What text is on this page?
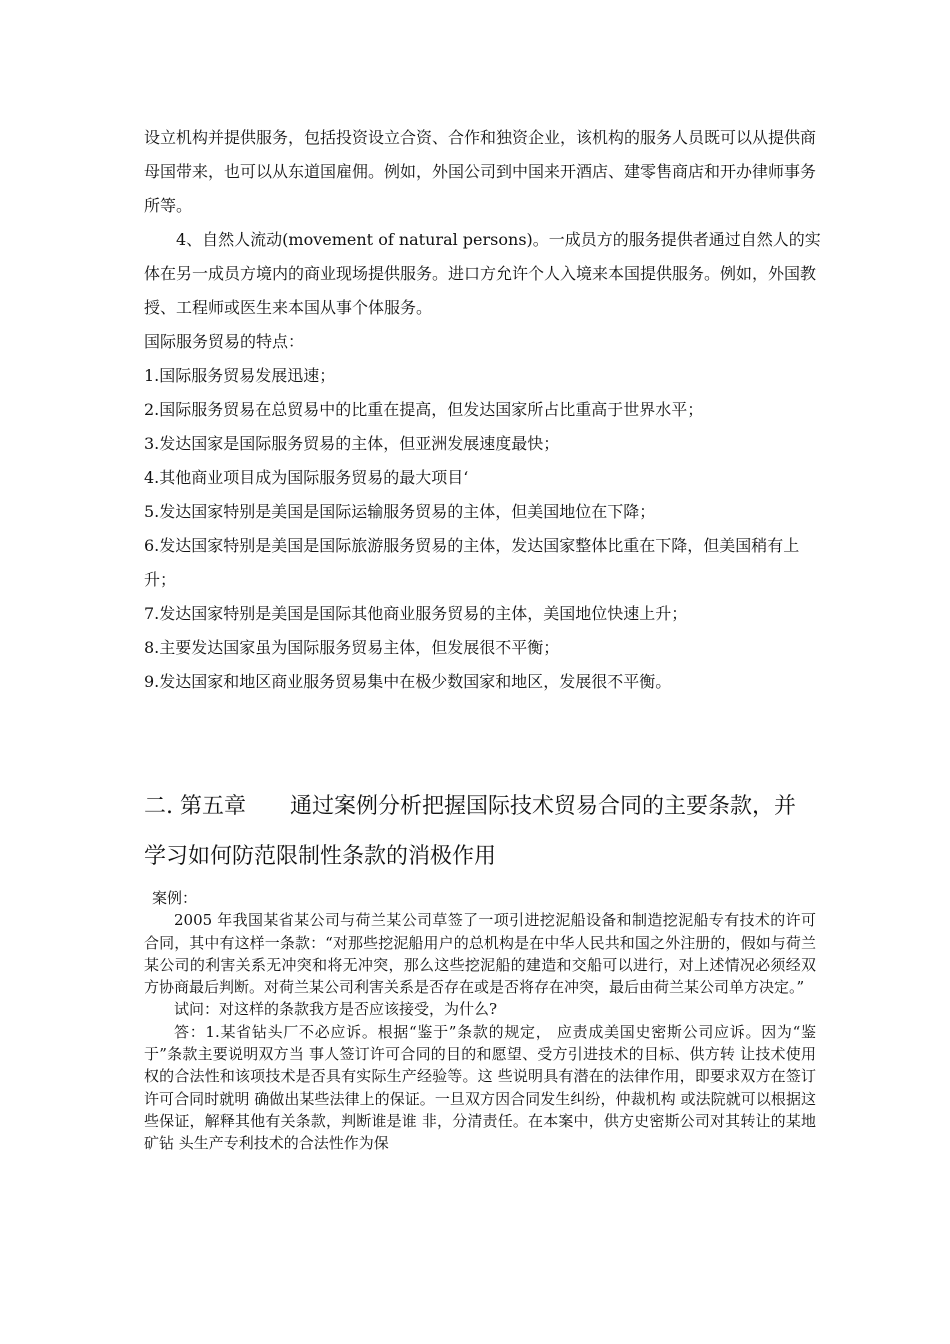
设立机构并提供服务，包括投资设立合资、合作和独资企业，该机构的服务人员既可以从提供商母国带来，也可以从东道国雇佣。例如，外国公司到中国来开酒店、建零售商店和开办律师事务所等。

4、自然人流动(movement of natural persons)。一成员方的服务提供者通过自然人的实体在另一成员方境内的商业现场提供服务。进口方允许个人入境来本国提供服务。例如，外国教授、工程师或医生来本国从事个体服务。

国际服务贸易的特点：

1.国际服务贸易发展迅速；

2.国际服务贸易在总贸易中的比重在提高，但发达国家所占比重高于世界水平；

3.发达国家是国际服务贸易的主体，但亚洲发展速度最快；

4.其他商业项目成为国际服务贸易的最大项目‘

5.发达国家特别是美国是国际运输服务贸易的主体，但美国地位在下降；

6.发达国家特别是美国是国际旅游服务贸易的主体，发达国家整体比重在下降，但美国稍有上升；

7.发达国家特别是美国是国际其他商业服务贸易的主体，美国地位快速上升；

8.主要发达国家虽为国际服务贸易主体，但发展很不平衡；

9.发达国家和地区商业服务贸易集中在极少数国家和地区，发展很不平衡。

二. 第五章　　通过案例分析把握国际技术贸易合同的主要条款，并
学习如何防范限制性条款的消极作用

案例：

2005 年我国某省某公司与荷兰某公司草签了一项引进挖泥船设备和制造挖泥船专有技术的许可合同，其中有这样一条款：“对那些挖泥船用户的总机构是在中华人民共和国之外注册的，假如与荷兰某公司的利害关系无冲突和将无冲突，那么这些挖泥船的建造和交船可以进行，对上述情况必须经双方协商最后判断。对荷兰某公司利害关系是否存在或是否将存在冲突，最后由荷兰某公司单方决定。”

试问：对这样的条款我方是否应该接受，为什么?

答：1.某省钻头厂不必应诉。根据“鉴于”条款的规定， 应责成美国史密斯公司应诉。因为“鉴于”条款主要说明双方当 事人签订许可合同的目的和愿望、受方引进技术的目标、供方转 让技术使用权的合法性和该项技术是否具有实际生产经验等。这 些说明具有潜在的法律作用，即要求双方在签订许可合同时就明 确做出某些法律上的保证。一旦双方因合同发生纠纷，仲裁机构 或法院就可以根据这些保证，解释其他有关条款，判断谁是谁 非，分清责任。在本案中，供方史密斯公司对其转让的某地矿钻 头生产专利技术的合法性作为保
